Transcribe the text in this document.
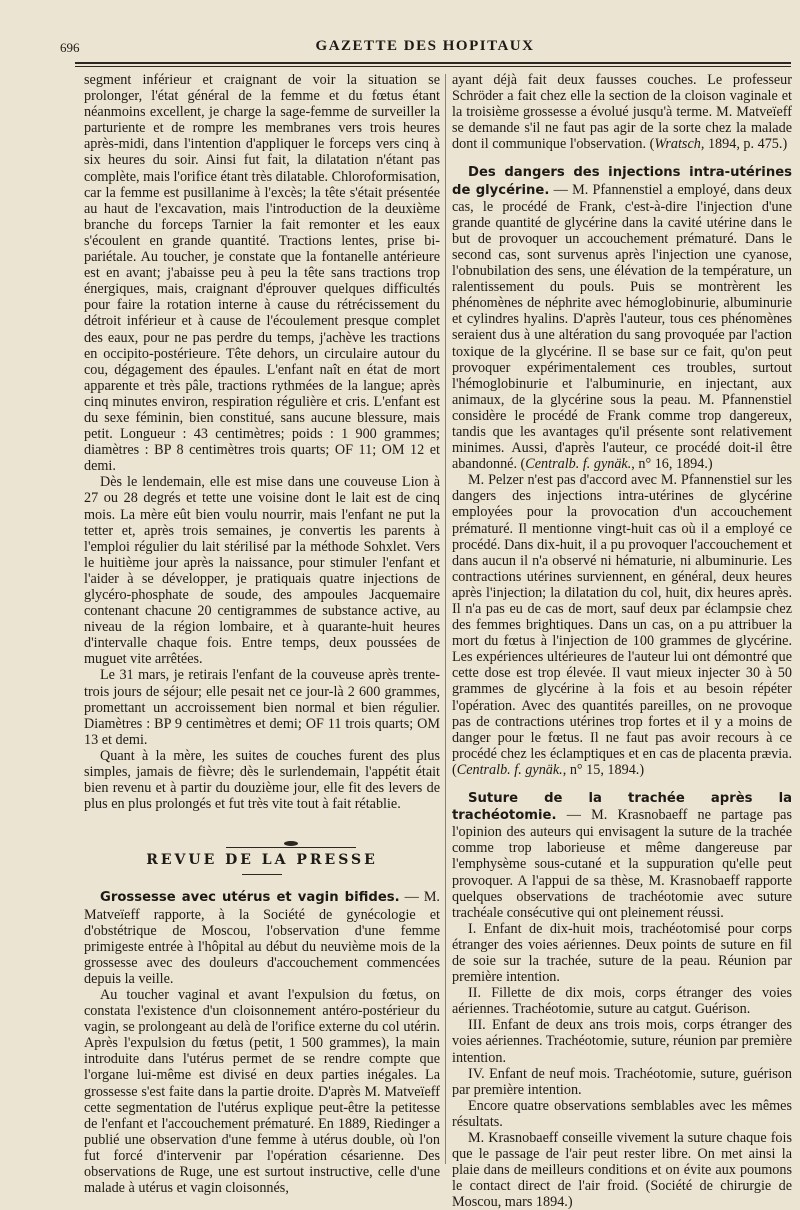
696	GAZETTE DES HOPITAUX

segment inférieur et craignant de voir la situation se prolonger, l'état général de la femme et du fœtus étant néanmoins excellent, je charge la sage-femme de surveiller la parturiente et de rompre les membranes vers trois heures après-midi, dans l'intention d'appliquer le forceps vers cinq à six heures du soir. Ainsi fut fait, la dilatation n'étant pas complète, mais l'orifice étant très dilatable. Chloroformisation, car la femme est pusillanime à l'excès; la tête s'était présentée au haut de l'excavation, mais l'introduction de la deuxième branche du forceps Tarnier la fait remonter et les eaux s'écoulent en grande quantité. Tractions lentes, prise bi-pariétale. Au toucher, je constate que la fontanelle antérieure est en avant; j'abaisse peu à peu la tête sans tractions trop énergiques, mais, craignant d'éprouver quelques difficultés pour faire la rotation interne à cause du rétrécissement du détroit inférieur et à cause de l'écoulement presque complet des eaux, pour ne pas perdre du temps, j'achève les tractions en occipito-postérieure. Tête dehors, un circulaire autour du cou, dégagement des épaules. L'enfant naît en état de mort apparente et très pâle, tractions rythmées de la langue; après cinq minutes environ, respiration régulière et cris. L'enfant est du sexe féminin, bien constitué, sans aucune blessure, mais petit. Longueur : 43 centimètres; poids : 1 900 grammes; diamètres : BP 8 centimètres trois quarts; OF 11; OM 12 et demi.

Dès le lendemain, elle est mise dans une couveuse Lion à 27 ou 28 degrés et tette une voisine dont le lait est de cinq mois. La mère eût bien voulu nourrir, mais l'enfant ne put la tetter et, après trois semaines, je convertis les parents à l'emploi régulier du lait stérilisé par la méthode Sohxlet. Vers le huitième jour après la naissance, pour stimuler l'enfant et l'aider à se développer, je pratiquais quatre injections de glycéro-phosphate de soude, des ampoules Jacquemaire contenant chacune 20 centigrammes de substance active, au niveau de la région lombaire, et à quarante-huit heures d'intervalle chaque fois. Entre temps, deux poussées de muguet vite arrêtées.

Le 31 mars, je retirais l'enfant de la couveuse après trente-trois jours de séjour; elle pesait net ce jour-là 2 600 grammes, promettant un accroissement bien normal et bien régulier. Diamètres : BP 9 centimètres et demi; OF 11 trois quarts; OM 13 et demi.

Quant à la mère, les suites de couches furent des plus simples, jamais de fièvre; dès le surlendemain, l'appétit était bien revenu et à partir du douzième jour, elle fit des levers de plus en plus prolongés et fut très vite tout à fait rétablie.

REVUE DE LA PRESSE

Grossesse avec utérus et vagin bifides. — M. Matveïeff rapporte, à la Société de gynécologie et d'obstétrique de Moscou, l'observation d'une femme primigeste entrée à l'hôpital au début du neuvième mois de la grossesse avec des douleurs d'accouchement commencées depuis la veille.

Au toucher vaginal et avant l'expulsion du fœtus, on constata l'existence d'un cloisonnement antéro-postérieur du vagin, se prolongeant au delà de l'orifice externe du col utérin. Après l'expulsion du fœtus (petit, 1 500 grammes), la main introduite dans l'utérus permet de se rendre compte que l'organe lui-même est divisé en deux parties inégales. La grossesse s'est faite dans la partie droite. D'après M. Matveïeff cette segmentation de l'utérus explique peut-être la petitesse de l'enfant et l'accouchement prématuré. En 1889, Riedinger a publié une observation d'une femme à utérus double, où l'on fut forcé d'intervenir par l'opération césarienne. Des observations de Ruge, une est surtout instructive, celle d'une malade à utérus et vagin cloisonnés,

ayant déjà fait deux fausses couches. Le professeur Schröder a fait chez elle la section de la cloison vaginale et la troisième grossesse a évolué jusqu'à terme. M. Matveïeff se demande s'il ne faut pas agir de la sorte chez la malade dont il communique l'observation. (Wratsch, 1894, p. 475.)

Des dangers des injections intra-utérines de glycérine. — M. Pfannenstiel a employé, dans deux cas, le procédé de Frank, c'est-à-dire l'injection d'une grande quantité de glycérine dans la cavité utérine dans le but de provoquer un accouchement prématuré. Dans le second cas, sont survenus après l'injection une cyanose, l'obnubilation des sens, une élévation de la température, un ralentissement du pouls. Puis se montrèrent les phénomènes de néphrite avec hémoglobinurie, albuminurie et cylindres hyalins. D'après l'auteur, tous ces phénomènes seraient dus à une altération du sang provoquée par l'action toxique de la glycérine. Il se base sur ce fait, qu'on peut provoquer expérimentalement ces troubles, surtout l'hémoglobinurie et l'albuminurie, en injectant, aux animaux, de la glycérine sous la peau. M. Pfannenstiel considère le procédé de Frank comme trop dangereux, tandis que les avantages qu'il présente sont relativement minimes. Aussi, d'après l'auteur, ce procédé doit-il être abandonné. (Centralb. f. gynäk., n° 16, 1894.)

M. Pelzer n'est pas d'accord avec M. Pfannenstiel sur les dangers des injections intra-utérines de glycérine employées pour la provocation d'un accouchement prématuré. Il mentionne vingt-huit cas où il a employé ce procédé. Dans dix-huit, il a pu provoquer l'accouchement et dans aucun il n'a observé ni hématurie, ni albuminurie. Les contractions utérines surviennent, en général, deux heures après l'injection; la dilatation du col, huit, dix heures après. Il n'a pas eu de cas de mort, sauf deux par éclampsie chez des femmes brightiques. Dans un cas, on a pu attribuer la mort du fœtus à l'injection de 100 grammes de glycérine. Les expériences ultérieures de l'auteur lui ont démontré que cette dose est trop élevée. Il vaut mieux injecter 30 à 50 grammes de glycérine à la fois et au besoin répéter l'opération. Avec des quantités pareilles, on ne provoque pas de contractions utérines trop fortes et il y a moins de danger pour le fœtus. Il ne faut pas avoir recours à ce procédé chez les éclamptiques et en cas de placenta prævia. (Centralb. f. gynäk., n° 15, 1894.)

Suture de la trachée après la trachéotomie. — M. Krasnobaeff ne partage pas l'opinion des auteurs qui envisagent la suture de la trachée comme trop laborieuse et même dangereuse par l'emphysème sous-cutané et la suppuration qu'elle peut provoquer. A l'appui de sa thèse, M. Krasnobaeff rapporte quelques observations de trachéotomie avec suture trachéale consécutive qui ont pleinement réussi.

I. Enfant de dix-huit mois, trachéotomisé pour corps étranger des voies aériennes. Deux points de suture en fil de soie sur la trachée, suture de la peau. Réunion par première intention.

II. Fillette de dix mois, corps étranger des voies aériennes. Trachéotomie, suture au catgut. Guérison.

III. Enfant de deux ans trois mois, corps étranger des voies aériennes. Trachéotomie, suture, réunion par première intention.

IV. Enfant de neuf mois. Trachéotomie, suture, guérison par première intention.

Encore quatre observations semblables avec les mêmes résultats.

M. Krasnobaeff conseille vivement la suture chaque fois que le passage de l'air peut rester libre. On met ainsi la plaie dans de meilleurs conditions et on évite aux poumons le contact direct de l'air froid. (Société de chirurgie de Moscou, mars 1894.)
